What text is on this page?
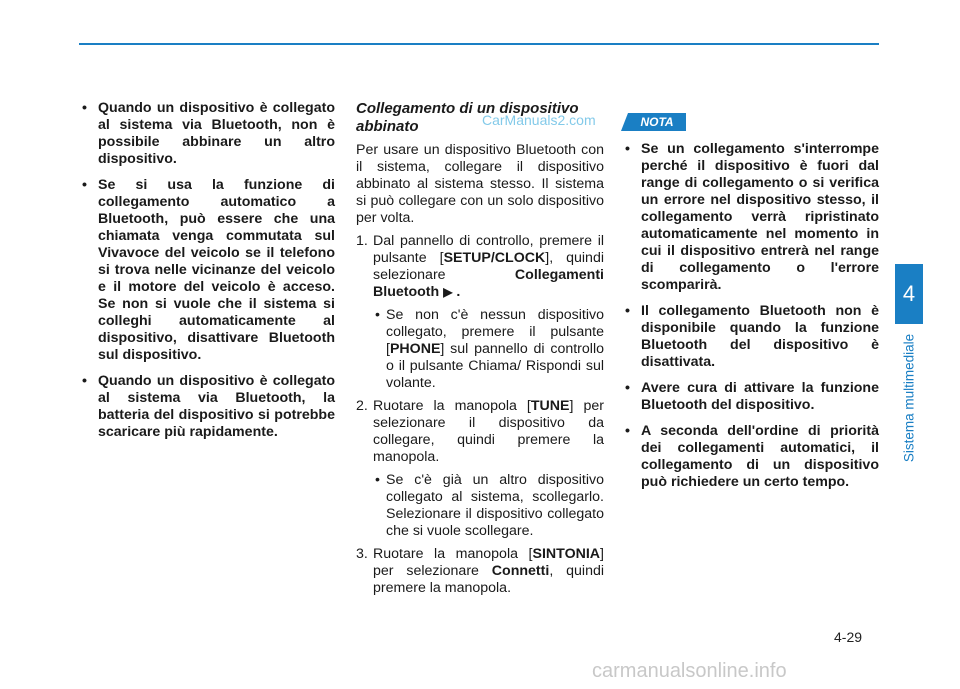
• Quando un dispositivo è collegato al sistema via Bluetooth, non è possibile abbinare un altro dispositivo.
• Se si usa la funzione di collegamento automatico a Bluetooth, può essere che una chiamata venga commutata sul Vivavoce del veicolo se il telefono si trova nelle vicinanze del veicolo e il motore del veicolo è acceso. Se non si vuole che il sistema si colleghi automaticamente al dispositivo, disattivare Bluetooth sul dispositivo.
• Quando un dispositivo è collegato al sistema via Bluetooth, la batteria del dispositivo si potrebbe scaricare più rapidamente.
Collegamento di un dispositivo abbinato
Per usare un dispositivo Bluetooth con il sistema, collegare il dispositivo abbinato al sistema stesso. Il sistema si può collegare con un solo dispositivo per volta.
1. Dal pannello di controllo, premere il pulsante [SETUP/CLOCK], quindi selezionare Collegamenti Bluetooth ▶ .
• Se non c'è nessun dispositivo collegato, premere il pulsante [PHONE] sul pannello di controllo o il pulsante Chiama/ Rispondi sul volante.
2. Ruotare la manopola [TUNE] per selezionare il dispositivo da collegare, quindi premere la manopola.
• Se c'è già un altro dispositivo collegato al sistema, scollegarlo. Selezionare il dispositivo collegato che si vuole scollegare.
3. Ruotare la manopola [SINTONIA] per selezionare Connetti, quindi premere la manopola.
NOTA
• Se un collegamento s'interrompe perché il dispositivo è fuori dal range di collegamento o si verifica un errore nel dispositivo stesso, il collegamento verrà ripristinato automaticamente nel momento in cui il dispositivo entrerà nel range di collegamento o l'errore scomparirà.
• Il collegamento Bluetooth non è disponibile quando la funzione Bluetooth del dispositivo è disattivata.
• Avere cura di attivare la funzione Bluetooth del dispositivo.
• A seconda dell'ordine di priorità dei collegamenti automatici, il collegamento di un dispositivo può richiedere un certo tempo.
4
Sistema multimediale
4-29
CarManuals2.com
carmanualsonline.info
